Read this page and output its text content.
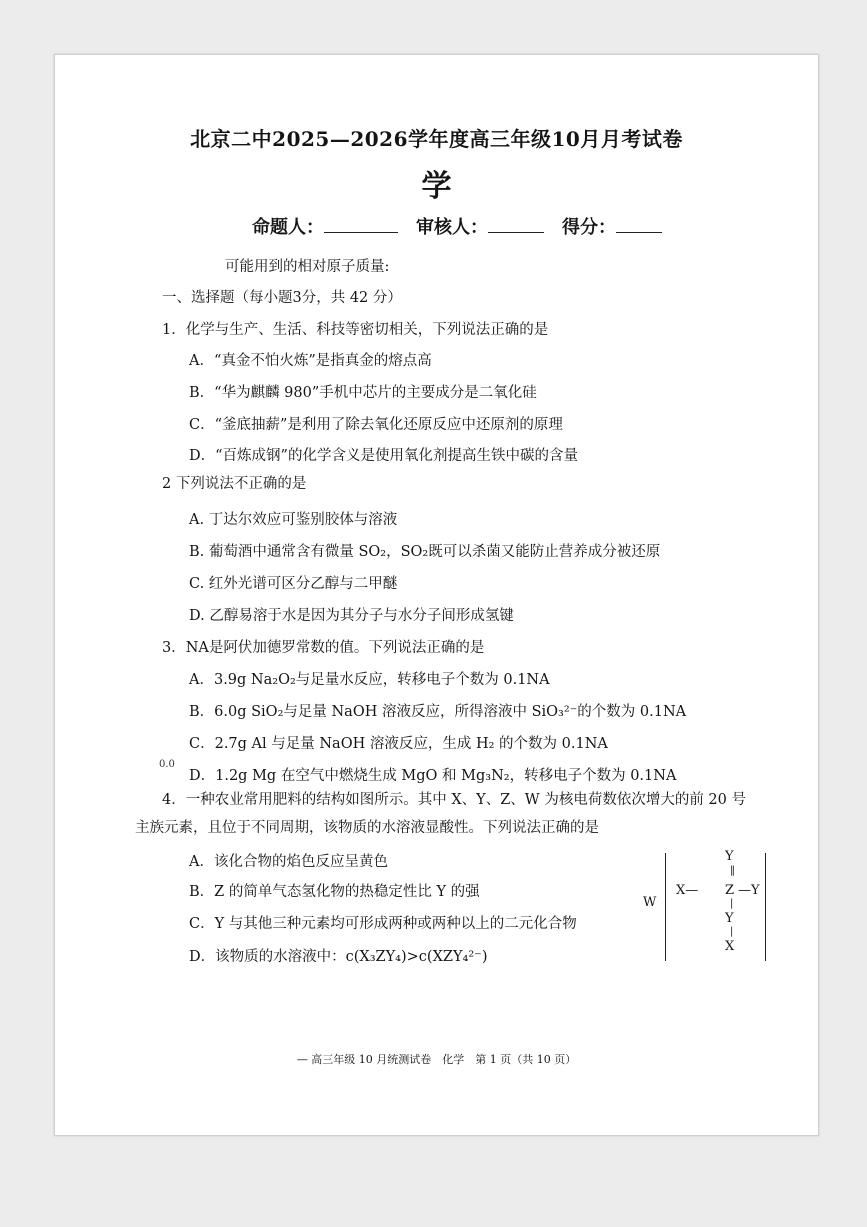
北京二中2025—2026学年度高三年级10月月考试卷
学
命题人：	审核人：	得分：
可能用到的相对原子质量:
一、选择题（每小题3分，共 42 分）
1．化学与生产、生活、科技等密切相关，下列说法正确的是
A．“真金不怕火炼”是指真金的熔点高
B．“华为麒麟 980”手机中芯片的主要成分是二氧化硅
C．“釜底抽薪”是利用了除去氧化还原反应中还原剂的原理
D．“百炼成钢”的化学含义是使用氧化剂提高生铁中碳的含量
2 下列说法不正确的是
A. 丁达尔效应可鉴别胶体与溶液
B. 葡萄酒中通常含有微量 SO₂，SO₂既可以杀菌又能防止营养成分被还原
C. 红外光谱可区分乙醇与二甲醚
D. 乙醇易溶于水是因为其分子与水分子间形成氢键
3．NA是阿伏加德罗常数的值。下列说法正确的是
A．3.9g Na₂O₂与足量水反应，转移电子个数为 0.1NA
B．6.0g SiO₂与足量 NaOH 溶液反应，所得溶液中 SiO₃²⁻的个数为 0.1NA
C．2.7g Al 与足量 NaOH 溶液反应，生成 H₂ 的个数为 0.1NA
0.0
D．1.2g Mg 在空气中燃烧生成 MgO 和 Mg₃N₂，转移电子个数为 0.1NA
4．一种农业常用肥料的结构如图所示。其中 X、Y、Z、W 为核电荷数依次增大的前 20 号
主族元素，且位于不同周期，该物质的水溶液显酸性。下列说法正确的是
A．该化合物的焰色反应呈黄色
B．Z 的简单气态氢化物的热稳定性比 Y 的强
C．Y 与其他三种元素均可形成两种或两种以上的二元化合物
D．该物质的水溶液中：c(X₃ZY₄)>c(XZY₄²⁻)
W
Y
‖
X— Z —Y
|
Y
|
X
— 高三年级 10 月统测试卷　化学　第 1 页（共 10 页）
